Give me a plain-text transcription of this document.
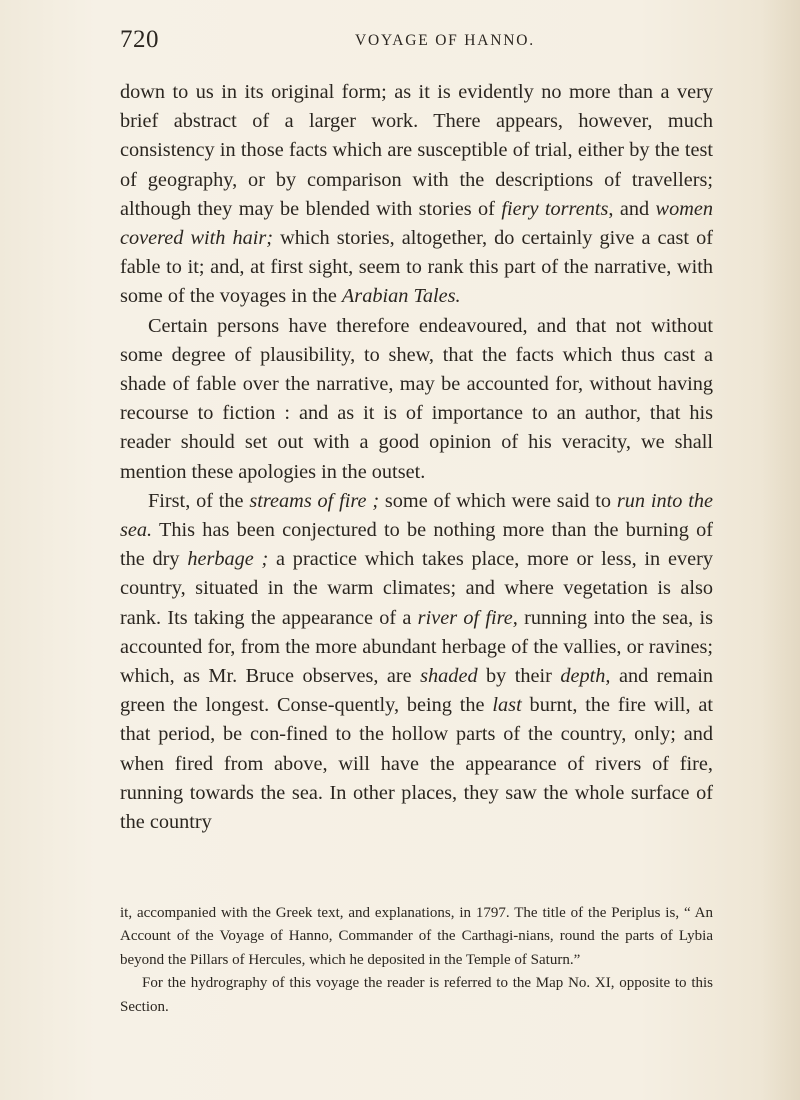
720	VOYAGE OF HANNO.

down to us in its original form; as it is evidently no more than a very brief abstract of a larger work. There appears, however, much consistency in those facts which are susceptible of trial, either by the test of geography, or by comparison with the descriptions of travellers; although they may be blended with stories of fiery torrents, and women covered with hair; which stories, altogether, do certainly give a cast of fable to it; and, at first sight, seem to rank this part of the narrative, with some of the voyages in the Arabian Tales.

Certain persons have therefore endeavoured, and that not without some degree of plausibility, to shew, that the facts which thus cast a shade of fable over the narrative, may be accounted for, without having recourse to fiction : and as it is of importance to an author, that his reader should set out with a good opinion of his veracity, we shall mention these apologies in the outset.

First, of the streams of fire ; some of which were said to run into the sea. This has been conjectured to be nothing more than the burning of the dry herbage ; a practice which takes place, more or less, in every country, situated in the warm climates; and where vegetation is also rank. Its taking the appearance of a river of fire, running into the sea, is accounted for, from the more abundant herbage of the vallies, or ravines; which, as Mr. Bruce observes, are shaded by their depth, and remain green the longest. Conse-quently, being the last burnt, the fire will, at that period, be con-fined to the hollow parts of the country, only; and when fired from above, will have the appearance of rivers of fire, running towards the sea. In other places, they saw the whole surface of the country

it, accompanied with the Greek text, and explanations, in 1797. The title of the Periplus is, “ An Account of the Voyage of Hanno, Commander of the Carthagi-nians, round the parts of Lybia beyond the Pillars of Hercules, which he deposited in the Temple of Saturn.”

For the hydrography of this voyage the reader is referred to the Map No. XI, opposite to this Section.
